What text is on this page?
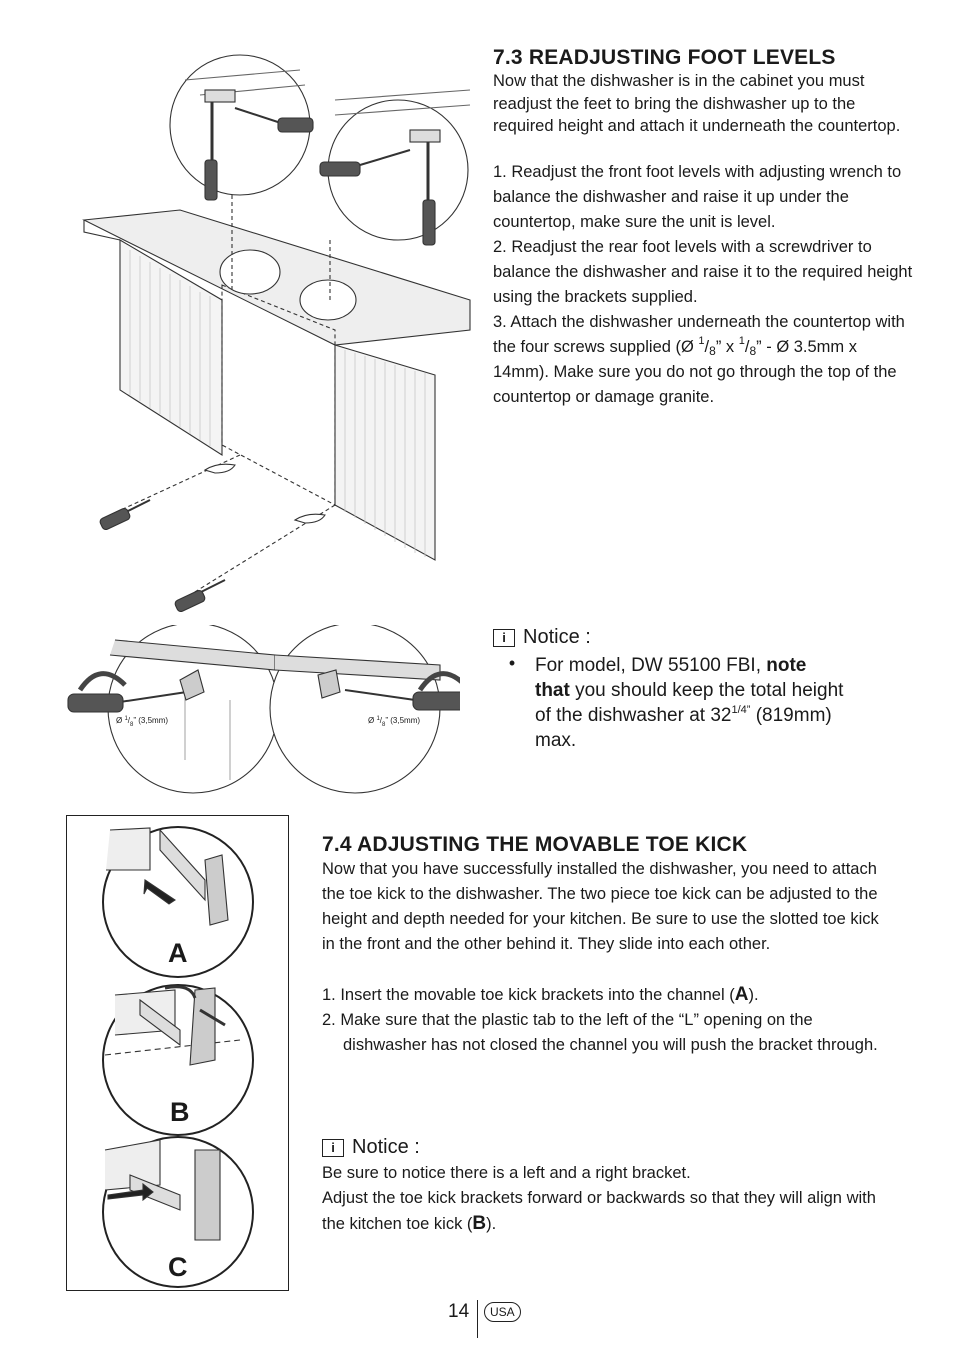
7.3 READJUSTING FOOT LEVELS

Now that the dishwasher is in the cabinet you must readjust the feet to bring the dishwasher up to the required height and attach it underneath the countertop.

1. Readjust the front foot levels with adjusting wrench to balance the dishwasher and raise it up under the countertop, make sure the unit is level.

2. Readjust the rear foot levels with a screwdriver to balance the dishwasher and raise it to the required height using the brackets supplied.

3. Attach the dishwasher underneath the countertop with the four screws supplied (Ø $^1/_8$” x $^1/_8$” - Ø 3.5mm x 14mm). Make sure you do not go through the top of the countertop or damage granite.

Ø $^1/_8$” (3,5mm)	Ø $^1/_8$” (3,5mm)
i Notice :
•	For model, DW 55100 FBI, note that you should keep the total height of the dishwasher at $32^{1/4”}$ (819mm) max.
A
B
C
7.4 ADJUSTING THE MOVABLE TOE KICK

Now that you have successfully installed the dishwasher, you need to attach the toe kick to the dishwasher. The two piece toe kick can be adjusted to the height and depth needed for your kitchen. Be sure to use the slotted toe kick in the front and the other behind it. They slide into each other.

1. Insert the movable toe kick brackets into the channel (A).

2. Make sure that the plastic tab to the left of the “L” opening on the dishwasher has not closed the channel you will push the bracket through.

i Notice :

Be sure to notice there is a left and a right bracket.

Adjust the toe kick brackets forward or backwards so that they will align with the kitchen toe kick (B).

14	USA
